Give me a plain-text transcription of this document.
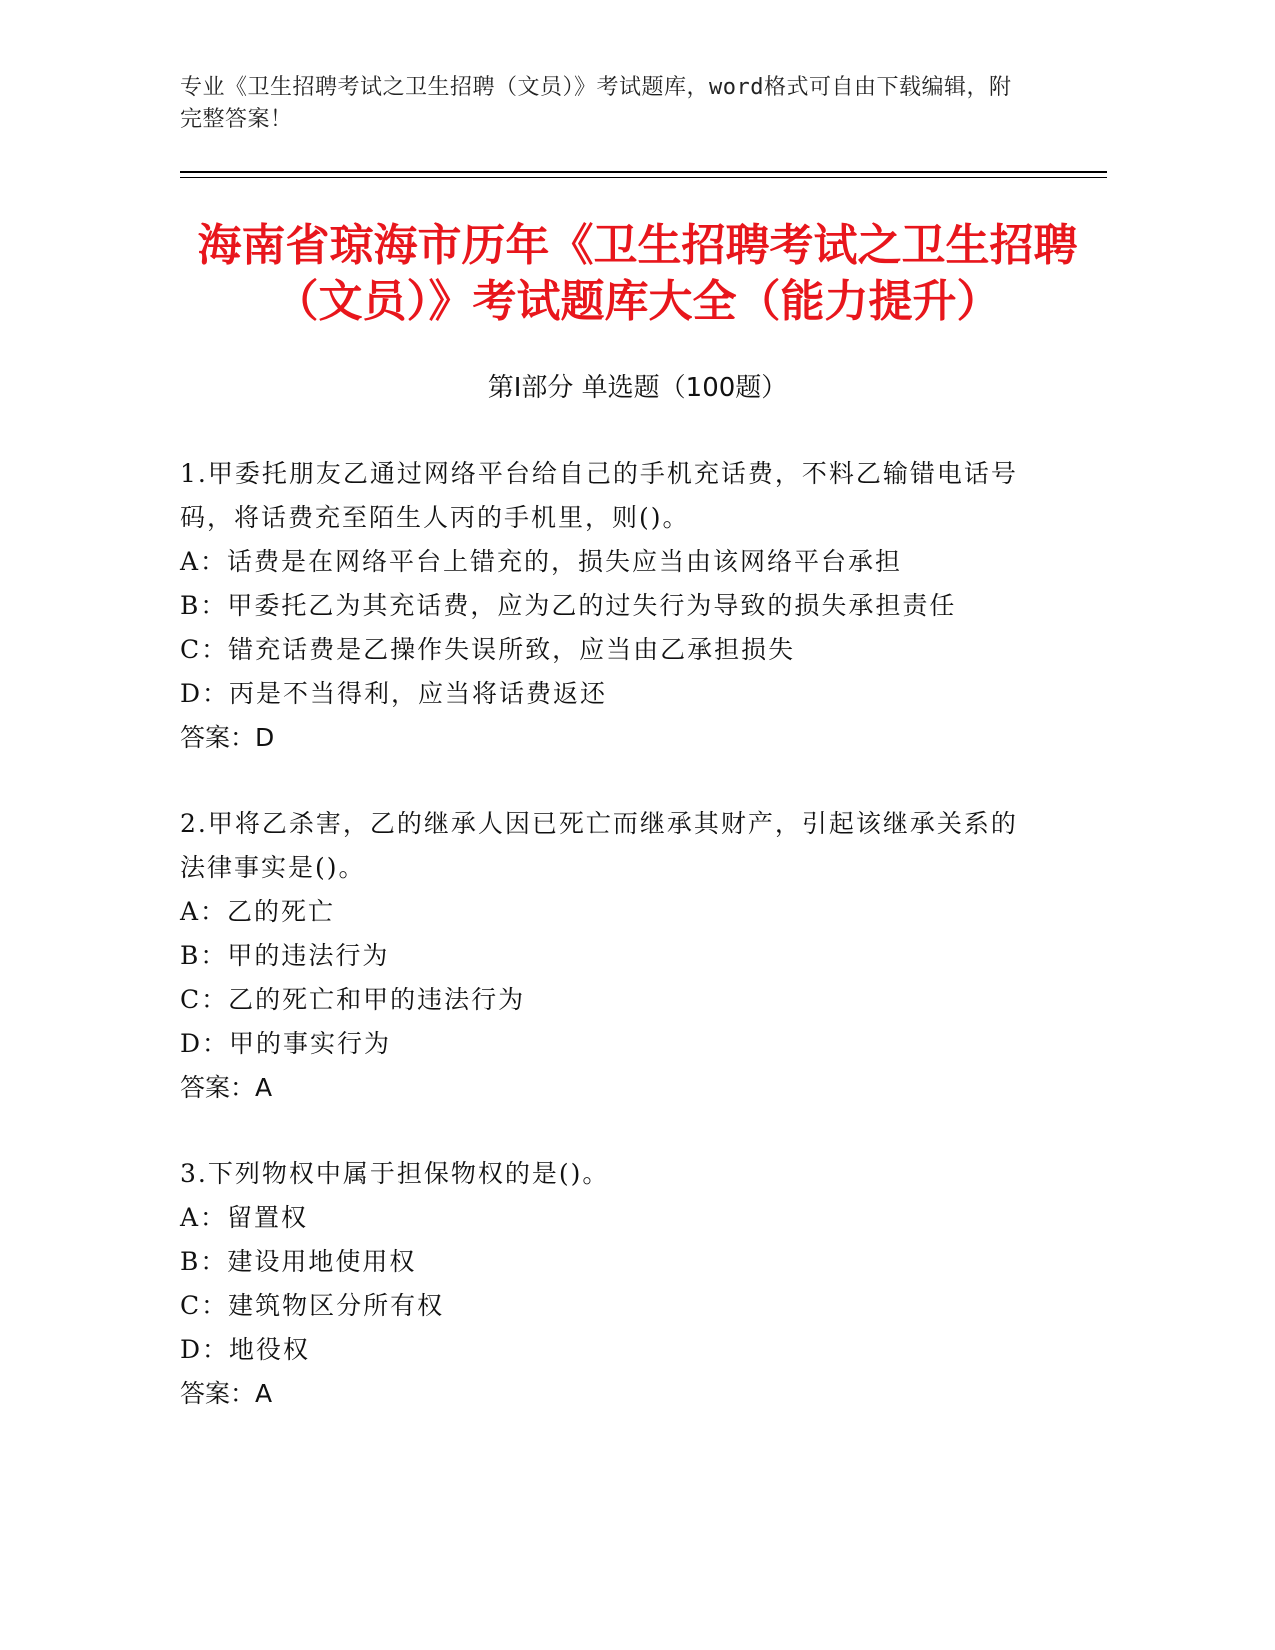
专业《卫生招聘考试之卫生招聘（文员）》考试题库，word格式可自由下载编辑，附完整答案！
海南省琼海市历年《卫生招聘考试之卫生招聘（文员）》考试题库大全（能力提升）
第Ⅰ部分 单选题（100题）

1.甲委托朋友乙通过网络平台给自己的手机充话费，不料乙输错电话号码，将话费充至陌生人丙的手机里，则()。

A：话费是在网络平台上错充的，损失应当由该网络平台承担

B：甲委托乙为其充话费，应为乙的过失行为导致的损失承担责任

C：错充话费是乙操作失误所致，应当由乙承担损失

D：丙是不当得利，应当将话费返还

答案：D

2.甲将乙杀害，乙的继承人因已死亡而继承其财产，引起该继承关系的法律事实是()。

A：乙的死亡

B：甲的违法行为

C：乙的死亡和甲的违法行为

D：甲的事实行为

答案：A

3.下列物权中属于担保物权的是()。

A：留置权

B：建设用地使用权

C：建筑物区分所有权

D：地役权

答案：A
